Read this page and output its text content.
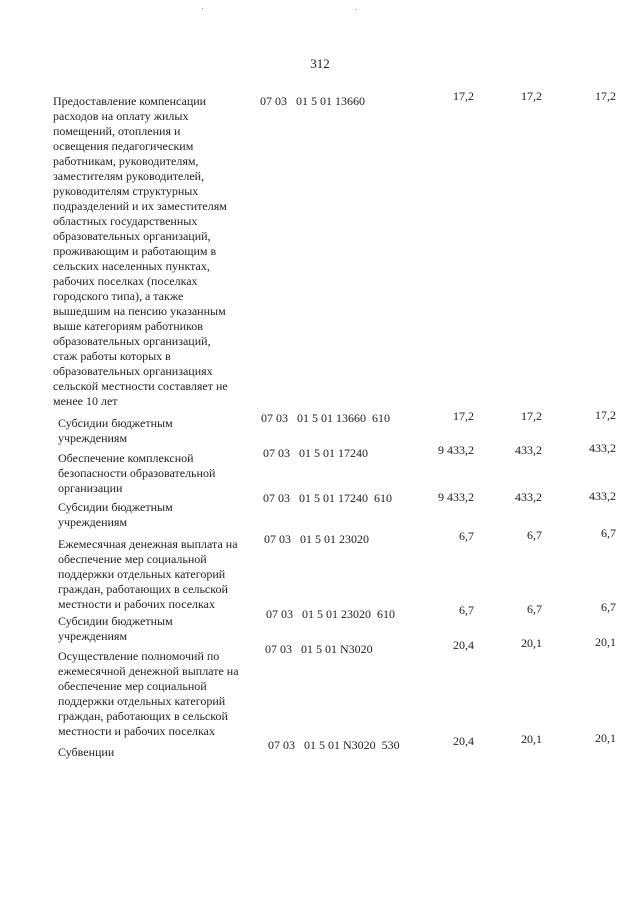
312
Предоставление компенсации
расходов на оплату жилых
помещений, отопления и
освещения педагогическим
работникам, руководителям,
заместителям руководителей,
руководителям структурных
подразделений и их заместителям
областных государственных
образовательных организаций,
проживающим и работающим в
сельских населенных пунктах,
рабочих поселках (поселках
городского типа), а также
вышедшим на пенсию указанным
выше категориям работников
образовательных организаций,
стаж работы которых в
образовательных организациях
сельской местности составляет не
менее 10 лет
07 03   01 5 01 13660	17,2	17,2	17,2
Субсидии бюджетным
учреждениям
07 03   01 5 01 13660  610	17,2	17,2	17,2
Обеспечение комплексной
безопасности образовательной
организации
07 03   01 5 01 17240	9 433,2	433,2	433,2
Субсидии бюджетным
учреждениям
07 03   01 5 01 17240  610	9 433,2	433,2	433,2
Ежемесячная денежная выплата на
обеспечение мер социальной
поддержки отдельных категорий
граждан, работающих в сельской
местности и рабочих поселках
07 03   01 5 01 23020	6,7	6,7	6,7
Субсидии бюджетным
учреждениям
07 03   01 5 01 23020  610	6,7	6,7	6,7
Осуществление полномочий по
ежемесячной денежной выплате на
обеспечение мер социальной
поддержки отдельных категорий
граждан, работающих в сельской
местности и рабочих поселках
07 03   01 5 01 N3020	20,4	20,1	20,1
Субвенции	07 03   01 5 01 N3020  530	20,4	20,1	20,1
